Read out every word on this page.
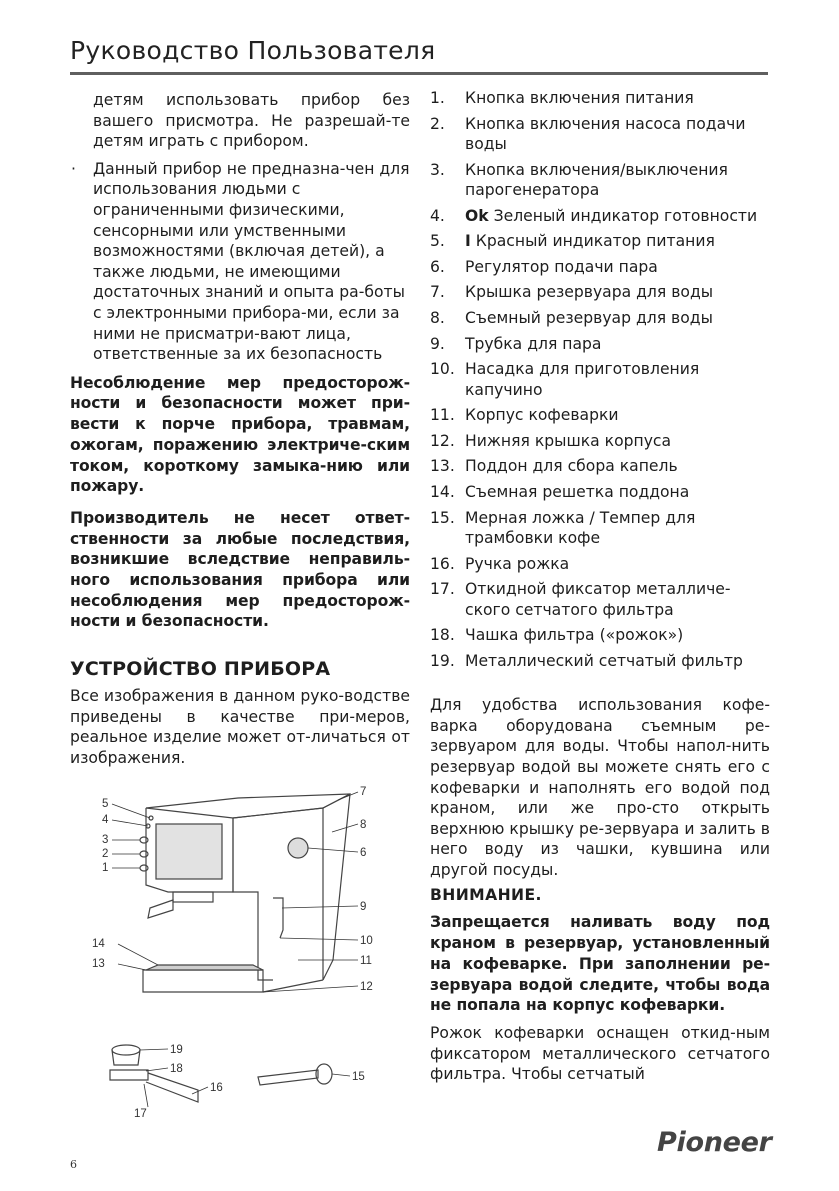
Руководство Пользователя

детям использовать прибор без вашего присмотра. Не разрешай-те детям играть с прибором.

· Данный прибор не предназна-чен для использования людьми с ограниченными физическими, сенсорными или умственными возможностями (включая детей), а также людьми, не имеющими достаточных знаний и опыта ра-боты с электронными прибора-ми, если за ними не присматри-вают лица, ответственные за их безопасность

Несоблюдение мер предосторож-ности и безопасности может при-вести к порче прибора, травмам, ожогам, поражению электриче-ским током, короткому замыка-нию или пожару.

Производитель не несет ответ-ственности за любые последствия, возникшие вследствие неправиль-ного использования прибора или несоблюдения мер предосторож-ности и безопасности.

УСТРОЙСТВО ПРИБОРА

Все изображения в данном руко-водстве приведены в качестве при-меров, реальное изделие может от-личаться от изображения.

5
4
3
2
1
7
8
6
9
10
11
12
14
13
19
18
16
17
15
1.	Кнопка включения питания
2.	Кнопка включения насоса подачи воды
3.	Кнопка включения/выключения парогенератора
4.	Ok Зеленый индикатор готовности
5.	I Красный индикатор питания
6.	Регулятор подачи пара
7.	Крышка резервуара для воды
8.	Съемный резервуар для воды
9.	Трубка для пара
10. Насадка для приготовления капучино
11. Корпус кофеварки
12. Нижняя крышка корпуса
13. Поддон для сбора капель
14. Съемная решетка поддона
15. Мерная ложка / Темпер для трамбовки кофе
16. Ручка рожка
17. Откидной фиксатор металличе-ского сетчатого фильтра
18. Чашка фильтра («рожок»)
19. Металлический сетчатый фильтр

Для удобства использования кофе-варка оборудована съемным ре-зервуаром для воды. Чтобы напол-нить резервуар водой вы можете снять его с кофеварки и наполнять его водой под краном, или же про-сто открыть верхнюю крышку ре-зервуара и залить в него воду из чашки, кувшина или другой посуды.

ВНИМАНИЕ.

Запрещается наливать воду под краном в резервуар, установленный на кофеварке. При заполнении ре-зервуара водой следите, чтобы вода не попала на корпус кофеварки.

Рожок кофеварки оснащен откид-ным фиксатором металлического сетчатого фильтра. Чтобы сетчатый

Pioneer
6
